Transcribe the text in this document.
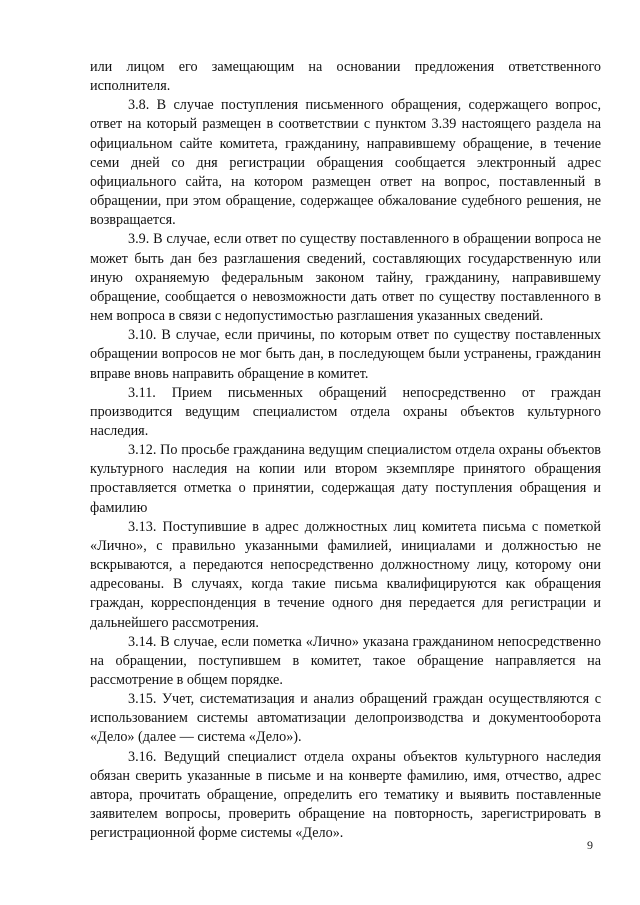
или лицом его замещающим на основании предложения ответственного исполнителя.

3.8. В случае поступления письменного обращения, содержащего вопрос, ответ на который размещен в соответствии с пунктом 3.39 настоящего раздела на официальном сайте комитета, гражданину, направившему обращение, в течение семи дней со дня регистрации обращения сообщается электронный адрес официального сайта, на котором размещен ответ на вопрос, поставленный в обращении, при этом обращение, содержащее обжалование судебного решения, не возвращается.

3.9. В случае, если ответ по существу поставленного в обращении вопроса не может быть дан без разглашения сведений, составляющих государственную или иную охраняемую федеральным законом тайну, гражданину, направившему обращение, сообщается о невозможности дать ответ по существу поставленного в нем вопроса в связи с недопустимостью разглашения указанных сведений.

3.10. В случае, если причины, по которым ответ по существу поставленных обращении вопросов не мог быть дан, в последующем были устранены, гражданин вправе вновь направить обращение в комитет.

3.11. Прием письменных обращений непосредственно от граждан производится ведущим специалистом отдела охраны объектов культурного наследия.

3.12. По просьбе гражданина ведущим специалистом отдела охраны объектов культурного наследия на копии или втором экземпляре принятого обращения проставляется отметка о принятии, содержащая дату поступления обращения и фамилию

3.13. Поступившие в адрес должностных лиц комитета письма с пометкой «Лично», с правильно указанными фамилией, инициалами и должностью не вскрываются, а передаются непосредственно должностному лицу, которому они адресованы. В случаях, когда такие письма квалифицируются как обращения граждан, корреспонденция в течение одного дня передается для регистрации и дальнейшего рассмотрения.

3.14. В случае, если пометка «Лично» указана гражданином непосредственно на обращении, поступившем в комитет, такое обращение направляется на рассмотрение в общем порядке.

3.15. Учет, систематизация и анализ обращений граждан осуществляются с использованием системы автоматизации делопроизводства и документооборота «Дело» (далее — система «Дело»).

3.16. Ведущий специалист отдела охраны объектов культурного наследия обязан сверить указанные в письме и на конверте фамилию, имя, отчество, адрес автора, прочитать обращение, определить его тематику и выявить поставленные заявителем вопросы, проверить обращение на повторность, зарегистрировать в регистрационной форме системы «Дело».

9
